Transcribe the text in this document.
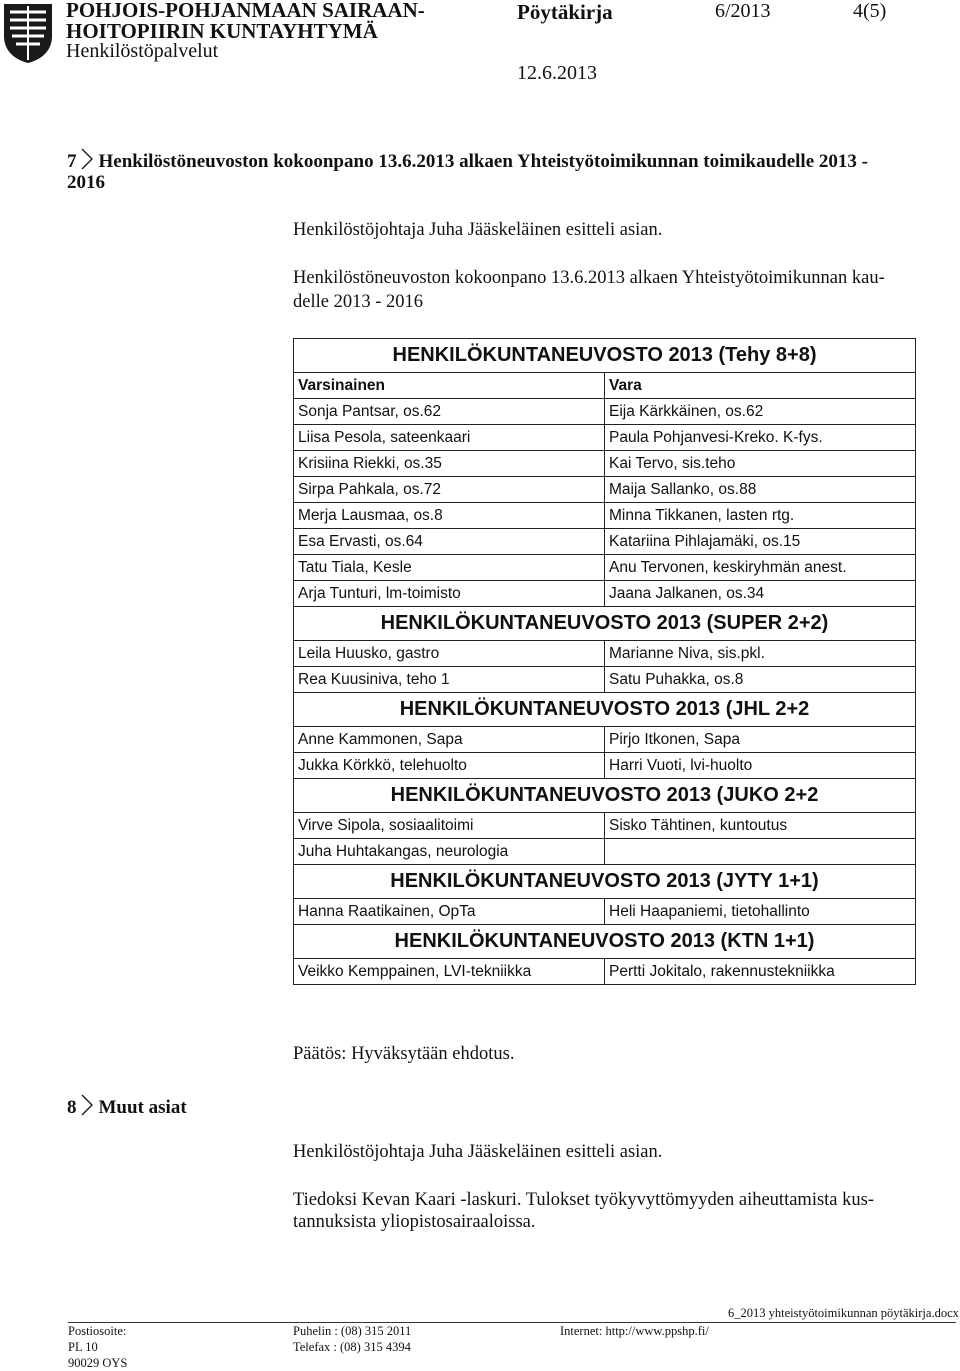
POHJOIS-POHJANMAAN SAIRAAN-
HOITOPIIRIN KUNTAYHTYMÄ
Henkilöstöpalvelut
Pöytäkirja	6/2013	4(5)
12.6.2013
7 Henkilöstöneuvoston kokoonpano 13.6.2013 alkaen Yhteistyötoimikunnan toimikaudelle 2013 -
2016
Henkilöstöjohtaja Juha Jääskeläinen esitteli asian.
Henkilöstöneuvoston kokoonpano 13.6.2013 alkaen Yhteistyötoimikunnan kau-
delle 2013 - 2016
HENKILÖKUNTANEUVOSTO 2013 (Tehy 8+8)	
Varsinainen	Vara
Sonja Pantsar, os.62	Eija Kärkkäinen, os.62
Liisa Pesola, sateenkaari	Paula Pohjanvesi-Kreko. K-fys.
Krisiina Riekki, os.35	Kai Tervo, sis.teho
Sirpa Pahkala, os.72	Maija Sallanko, os.88
Merja Lausmaa, os.8	Minna Tikkanen, lasten rtg.
Esa Ervasti, os.64	Katariina Pihlajamäki, os.15
Tatu Tiala, Kesle	Anu Tervonen, keskiryhmän anest.
Arja Tunturi, lm-toimisto	Jaana Jalkanen, os.34
HENKILÖKUNTANEUVOSTO 2013 (SUPER 2+2)	
Leila Huusko, gastro	Marianne Niva, sis.pkl.
Rea Kuusiniva, teho 1	Satu Puhakka, os.8
HENKILÖKUNTANEUVOSTO 2013 (JHL 2+2	
Anne Kammonen, Sapa	Pirjo Itkonen, Sapa
Jukka Körkkö, telehuolto	Harri Vuoti, lvi-huolto
HENKILÖKUNTANEUVOSTO 2013 (JUKO 2+2	
Virve Sipola, sosiaalitoimi	Sisko Tähtinen, kuntoutus
Juha Huhtakangas, neurologia	
HENKILÖKUNTANEUVOSTO 2013 (JYTY 1+1)	
Hanna Raatikainen, OpTa	Heli Haapaniemi, tietohallinto
HENKILÖKUNTANEUVOSTO 2013 (KTN 1+1)	
Veikko Kemppainen, LVI-tekniikka	Pertti Jokitalo, rakennustekniikka
Päätös: Hyväksytään ehdotus.
8 Muut asiat
Henkilöstöjohtaja Juha Jääskeläinen esitteli asian.
Tiedoksi Kevan Kaari -laskuri. Tulokset työkyvyttömyyden aiheuttamista kus-
tannuksista yliopistosairaaloissa.
6_2013 yhteistyötoimikunnan pöytäkirja.docx
Postiosoite:
PL 10
90029 OYS
Puhelin : (08) 315 2011
Telefax : (08) 315 4394
Internet: http://www.ppshp.fi/
